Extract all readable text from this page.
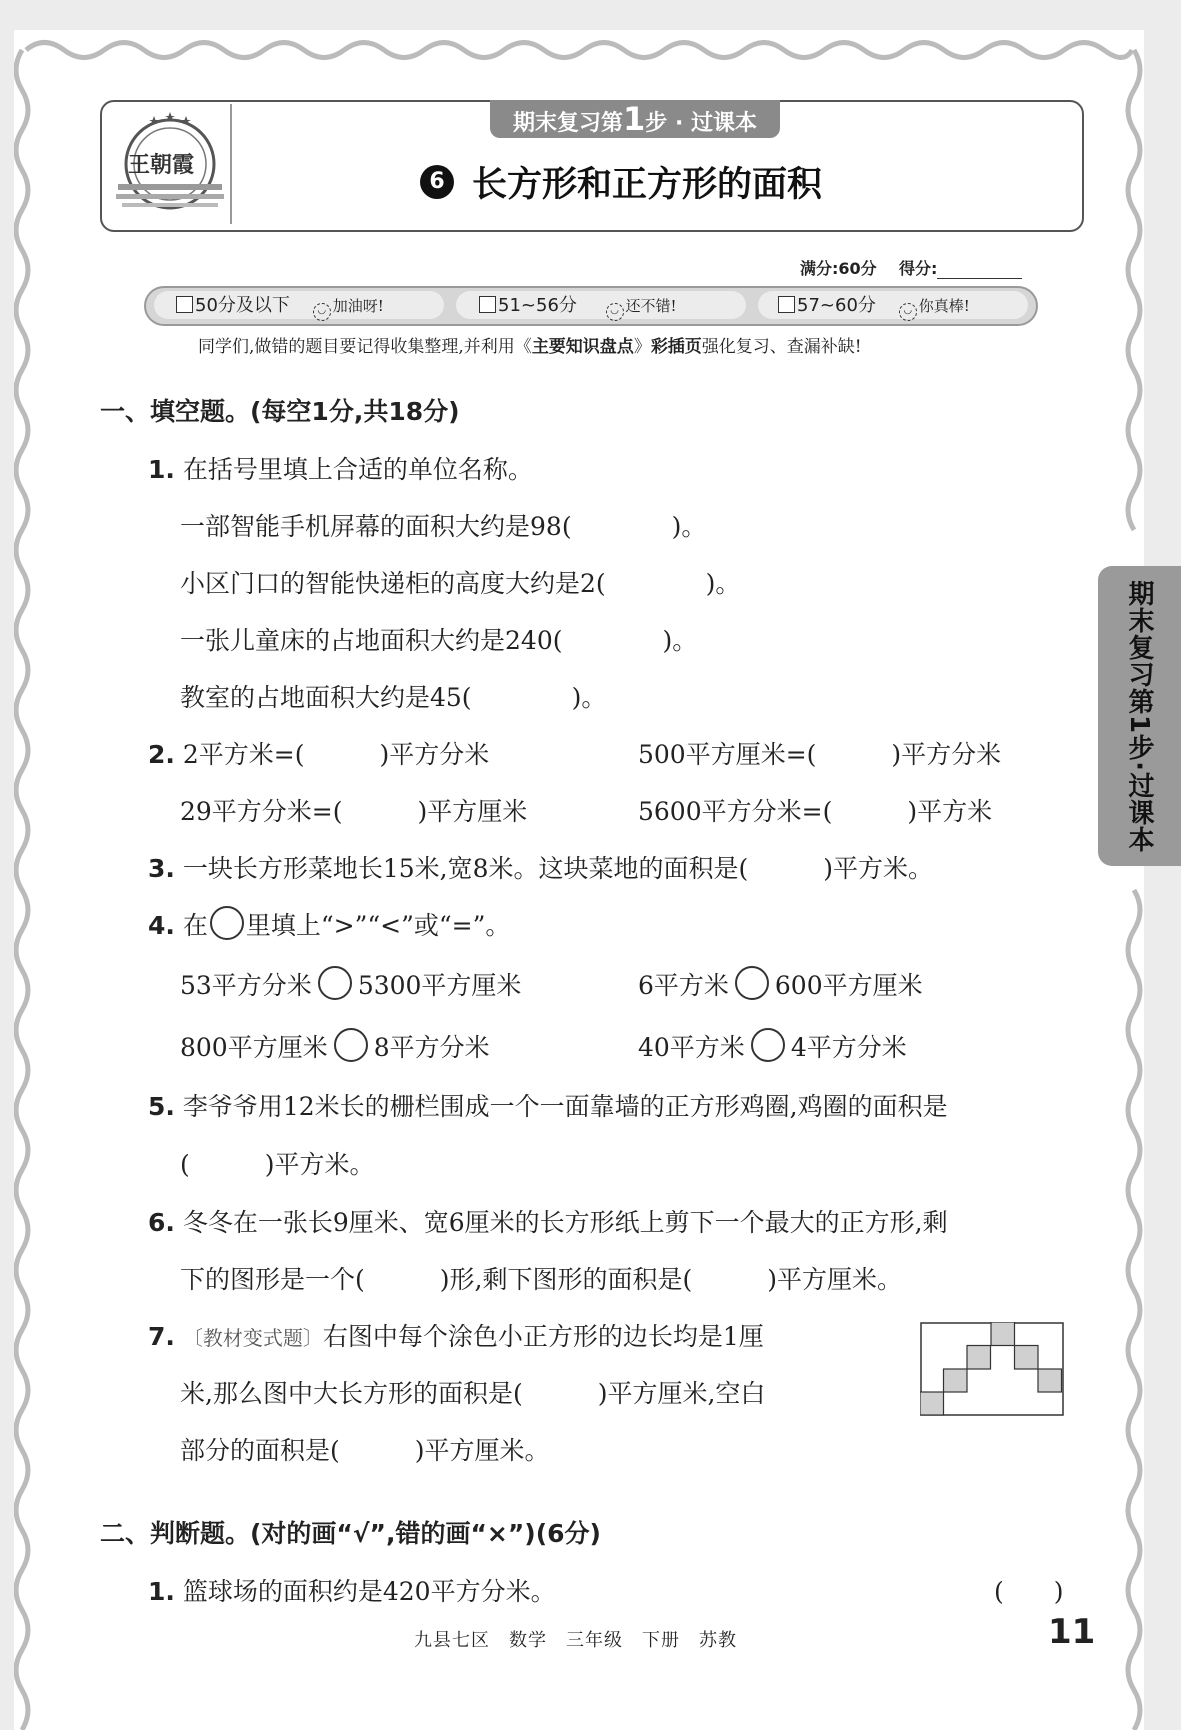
王朝霞
期末复习第1步 · 过课本
6 长方形和正方形的面积
满分:60分 得分:
50分及以下	◡ 加油呀!	51~56分	◡ 还不错!	57~60分	◡ 你真棒!
同学们,做错的题目要记得收集整理,并利用《主要知识盘点》彩插页强化复习、查漏补缺!
一、填空题。(每空1分,共18分)
1. 在括号里填上合适的单位名称。
一部智能手机屏幕的面积大约是98(　　　　)。
小区门口的智能快递柜的高度大约是2(　　　　)。
一张儿童床的占地面积大约是240(　　　　)。
教室的占地面积大约是45(　　　　)。
2. 2平方米=(　　　)平方分米	500平方厘米=(　　　)平方分米
29平方分米=(　　　)平方厘米	5600平方分米=(　　　)平方米
3. 一块长方形菜地长15米,宽8米。这块菜地的面积是(　　　)平方米。
4. 在 里填上“>”“<”或“=”。
53平方分米 5300平方厘米	6平方米 600平方厘米
800平方厘米 8平方分米	40平方米 4平方分米
5. 李爷爷用12米长的栅栏围成一个一面靠墙的正方形鸡圈,鸡圈的面积是
(　　　)平方米。
6. 冬冬在一张长9厘米、宽6厘米的长方形纸上剪下一个最大的正方形,剩
下的图形是一个(　　　)形,剩下图形的面积是(　　　)平方厘米。
7. 〔教材变式题〕右图中每个涂色小正方形的边长均是1厘
米,那么图中大长方形的面积是(　　　)平方厘米,空白
部分的面积是(　　　)平方厘米。
二、判断题。(对的画“√”,错的画“×”)(6分)
1. 篮球场的面积约是420平方分米。	(　　)
期末复习第1步·过课本
九县七区　数学　三年级　下册　苏教	11
